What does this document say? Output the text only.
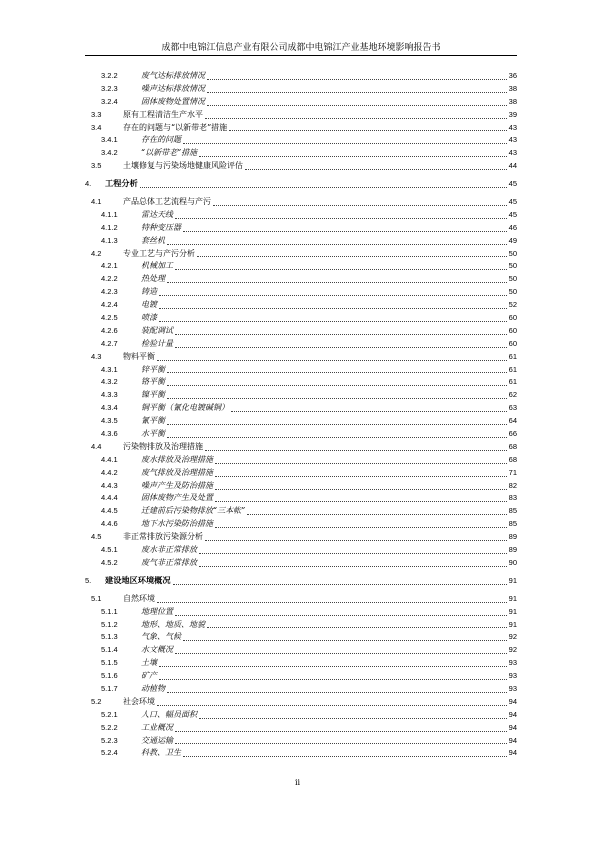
成都中电锦江信息产业有限公司成都中电锦江产业基地环境影响报告书
3.2.2	废气达标排放情况	36
3.2.3	噪声达标排放情况	38
3.2.4	固体废物处置情况	38
3.3	原有工程清洁生产水平	39
3.4	存在的问题与“以新带老”措施	43
3.4.1	存在的问题	43
3.4.2	“以新带老”措施	43
3.5	土壤修复与污染场地健康风险评估	44
4.	工程分析	45
4.1	产品总体工艺流程与产污	45
4.1.1	雷达天线	45
4.1.2	特种变压器	46
4.1.3	套丝机	49
4.2	专业工艺与产污分析	50
4.2.1	机械加工	50
4.2.2	热处理	50
4.2.3	铸造	50
4.2.4	电镀	52
4.2.5	喷漆	60
4.2.6	装配调试	60
4.2.7	检验计量	60
4.3	物料平衡	61
4.3.1	锌平衡	61
4.3.2	铬平衡	61
4.3.3	镍平衡	62
4.3.4	铜平衡（氰化电镀碱铜）	63
4.3.5	氰平衡	64
4.3.6	水平衡	66
4.4	污染物排放及治理措施	68
4.4.1	废水排放及治理措施	68
4.4.2	废气排放及治理措施	71
4.4.3	噪声产生及防治措施	82
4.4.4	固体废物产生及处置	83
4.4.5	迁建前后污染物排放“三本帐”	85
4.4.6	地下水污染防治措施	85
4.5	非正常排放污染源分析	89
4.5.1	废水非正常排放	89
4.5.2	废气非正常排放	90
5.	建设地区环境概况	91
5.1	自然环境	91
5.1.1	地理位置	91
5.1.2	地形、地质、地貌	91
5.1.3	气象、气候	92
5.1.4	水文概况	92
5.1.5	土壤	93
5.1.6	矿产	93
5.1.7	动植物	93
5.2	社会环境	94
5.2.1	人口、幅员面积	94
5.2.2	工业概况	94
5.2.3	交通运输	94
5.2.4	科教、卫生	94
ii
